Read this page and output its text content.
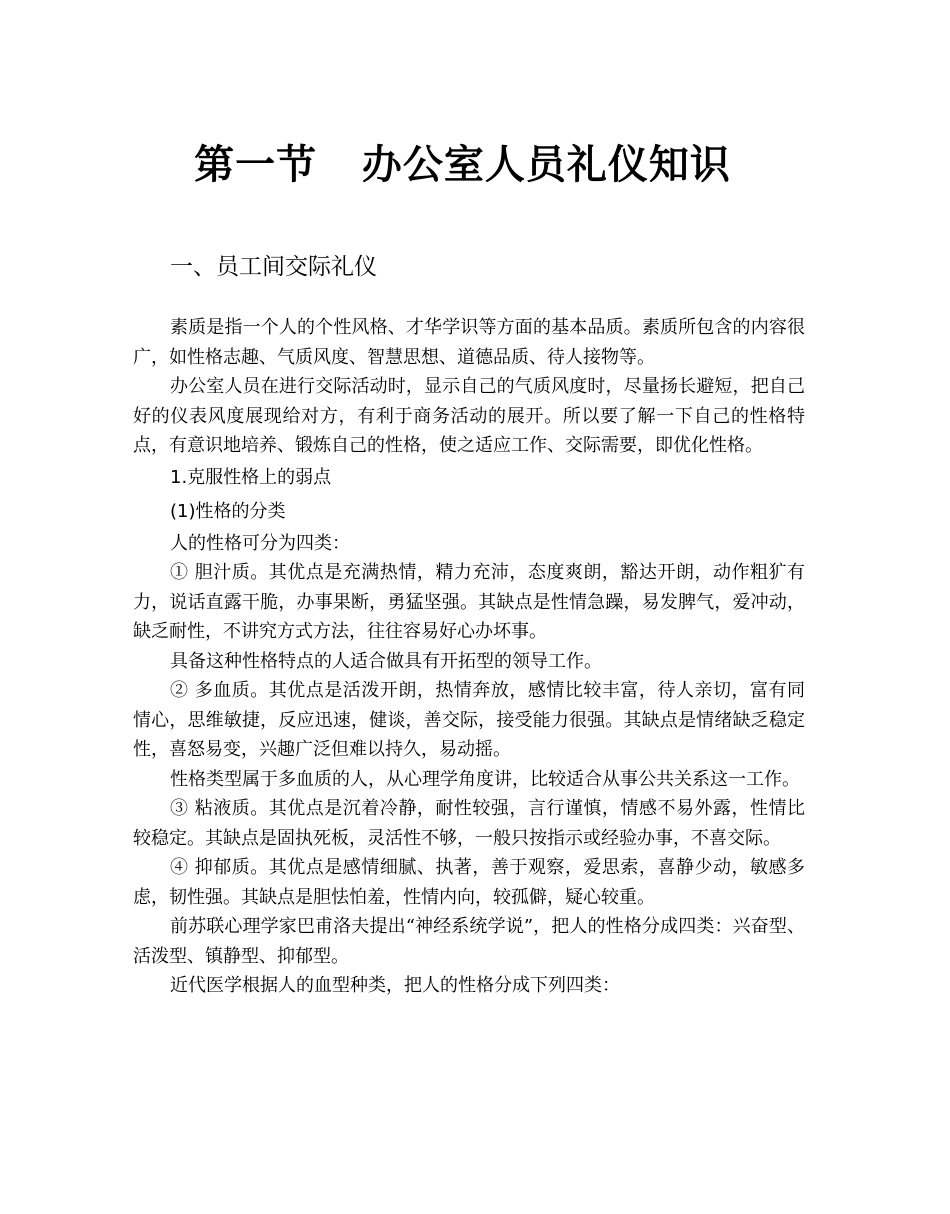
第一节   办公室人员礼仪知识
一、员工间交际礼仪

素质是指一个人的个性风格、才华学识等方面的基本品质。素质所包含的内容很广，如性格志趣、气质风度、智慧思想、道德品质、待人接物等。

办公室人员在进行交际活动时，显示自己的气质风度时，尽量扬长避短，把自己好的仪表风度展现给对方，有利于商务活动的展开。所以要了解一下自己的性格特点，有意识地培养、锻炼自己的性格，使之适应工作、交际需要，即优化性格。

1.克服性格上的弱点

(1)性格的分类

人的性格可分为四类：

① 胆汁质。其优点是充满热情，精力充沛，态度爽朗，豁达开朗，动作粗犷有力，说话直露干脆，办事果断，勇猛坚强。其缺点是性情急躁，易发脾气，爱冲动，缺乏耐性，不讲究方式方法，往往容易好心办坏事。

具备这种性格特点的人适合做具有开拓型的领导工作。

② 多血质。其优点是活泼开朗，热情奔放，感情比较丰富，待人亲切，富有同情心，思维敏捷，反应迅速，健谈，善交际，接受能力很强。其缺点是情绪缺乏稳定性，喜怒易变，兴趣广泛但难以持久，易动摇。

性格类型属于多血质的人，从心理学角度讲，比较适合从事公共关系这一工作。

③ 粘液质。其优点是沉着冷静，耐性较强，言行谨慎，情感不易外露，性情比较稳定。其缺点是固执死板，灵活性不够，一般只按指示或经验办事，不喜交际。

④ 抑郁质。其优点是感情细腻、执著，善于观察，爱思索，喜静少动，敏感多虑，韧性强。其缺点是胆怯怕羞，性情内向，较孤僻，疑心较重。

前苏联心理学家巴甫洛夫提出“神经系统学说”，把人的性格分成四类：兴奋型、活泼型、镇静型、抑郁型。

近代医学根据人的血型种类，把人的性格分成下列四类：
